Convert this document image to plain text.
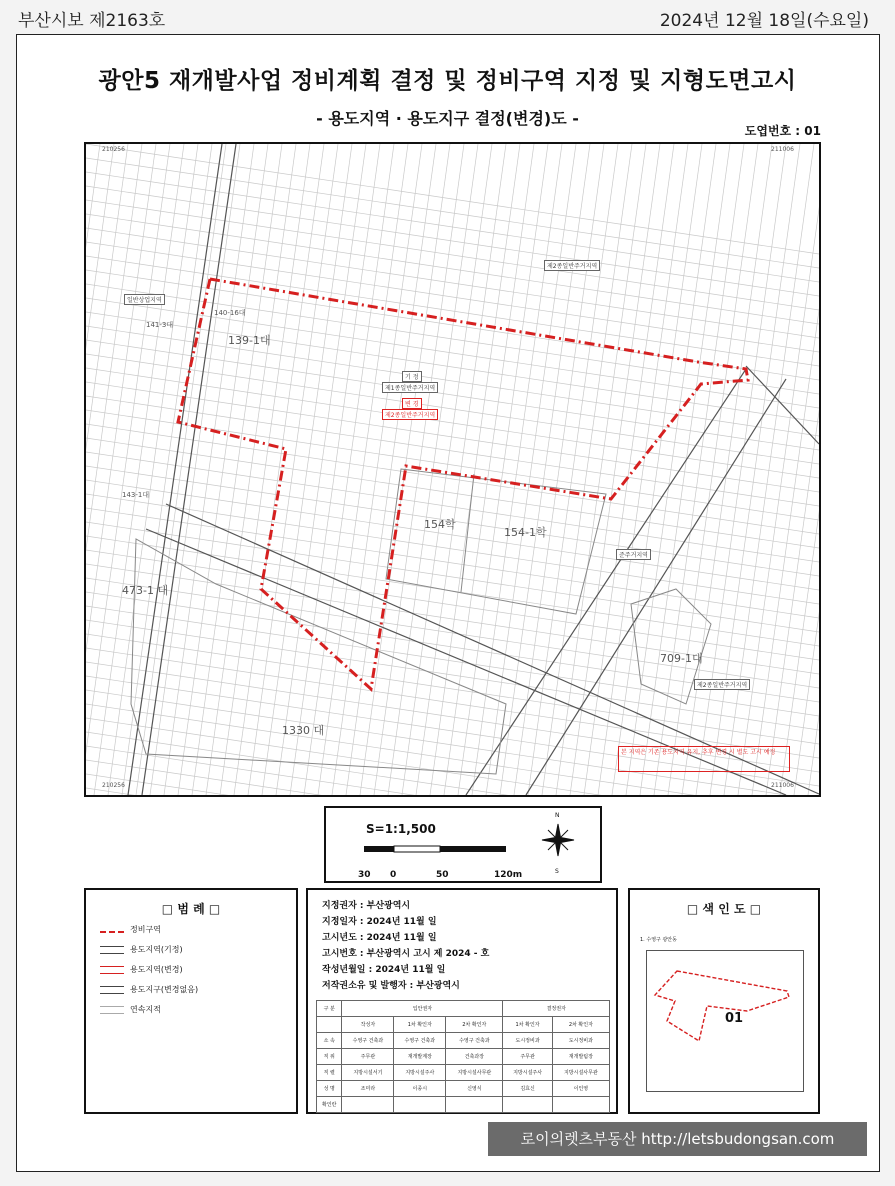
부산시보 제2163호	2024년 12월 18일(수요일)
광안5 재개발사업 정비계획 결정 및 정비구역 지정 및 지형도면고시
- 용도지역 · 용도지구 결정(변경)도 -
도엽번호 : 01
139-1대
154학
154-1학
473-1 대
1330 대
709-1대
140-16대
141-3대
143-1대
제2종일반주거지역
제1종일반주거지역
준주거지역
제2종일반주거지역
일반상업지역
기 정
변 경
제2종일반주거지역
210256	211006
210256	211006
본 지역은 기존 용도지역 유지, 추후 변경 시 별도 고시 예정
S=1:1,500
N
S
30 0	50	120m
□ 범 례 □
정비구역
용도지역(기정)
용도지역(변경)
용도지구(변경없음)
연속지적
지정권자 : 부산광역시
지정일자 : 2024년 11월 일
고시년도 : 2024년 11월 일
고시번호 : 부산광역시 고시 제 2024 - 호
작성년월일 : 2024년 11월 일
저작권소유 및 발행자 : 부산광역시
구 분	입안권자			결정권자	
	작성자	1차 확인자	2차 확인자	1차 확인자	2차 확인자
소 속	수영구 건축과	수영구 건축과	수영구 건축과	도시정비과	도시정비과
직 위	주무관	재개발계장	건축과장	주무관	재개발팀장
직 렬	지방시설서기	지방시설주사	지방시설사무관	지방시설주사	지방시설사무관
성 명	조미라	이종시	신영식	김효신	이인영
확인란					
□ 색 인 도 □
1. 수영구 광안동
01
로이의렛츠부동산 http://letsbudongsan.com
